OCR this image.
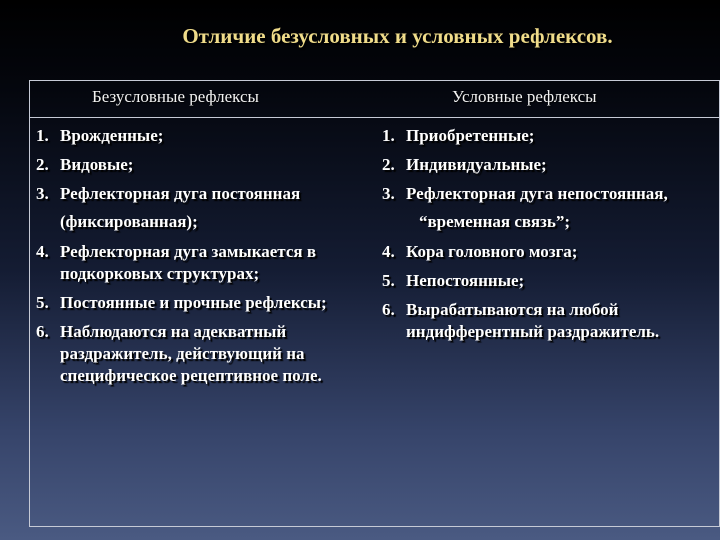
Отличие безусловных и условных рефлексов.
Безусловные рефлексы	Условные рефлексы
1. Врожденные;
2. Видовые;
3. Рефлекторная дуга постоянная
(фиксированная);
4. Рефлекторная дуга замыкается в подкорковых структурах;
5. Постоянные и прочные рефлексы;
6. Наблюдаются на адекватный раздражитель, действующий на специфическое рецептивное поле.
1. Приобретенные;
2. Индивидуальные;
3. Рефлекторная дуга непостоянная,
“временная связь”;
4. Кора головного мозга;
5. Непостоянные;
6. Вырабатываются на любой индифферентный раздражитель.
